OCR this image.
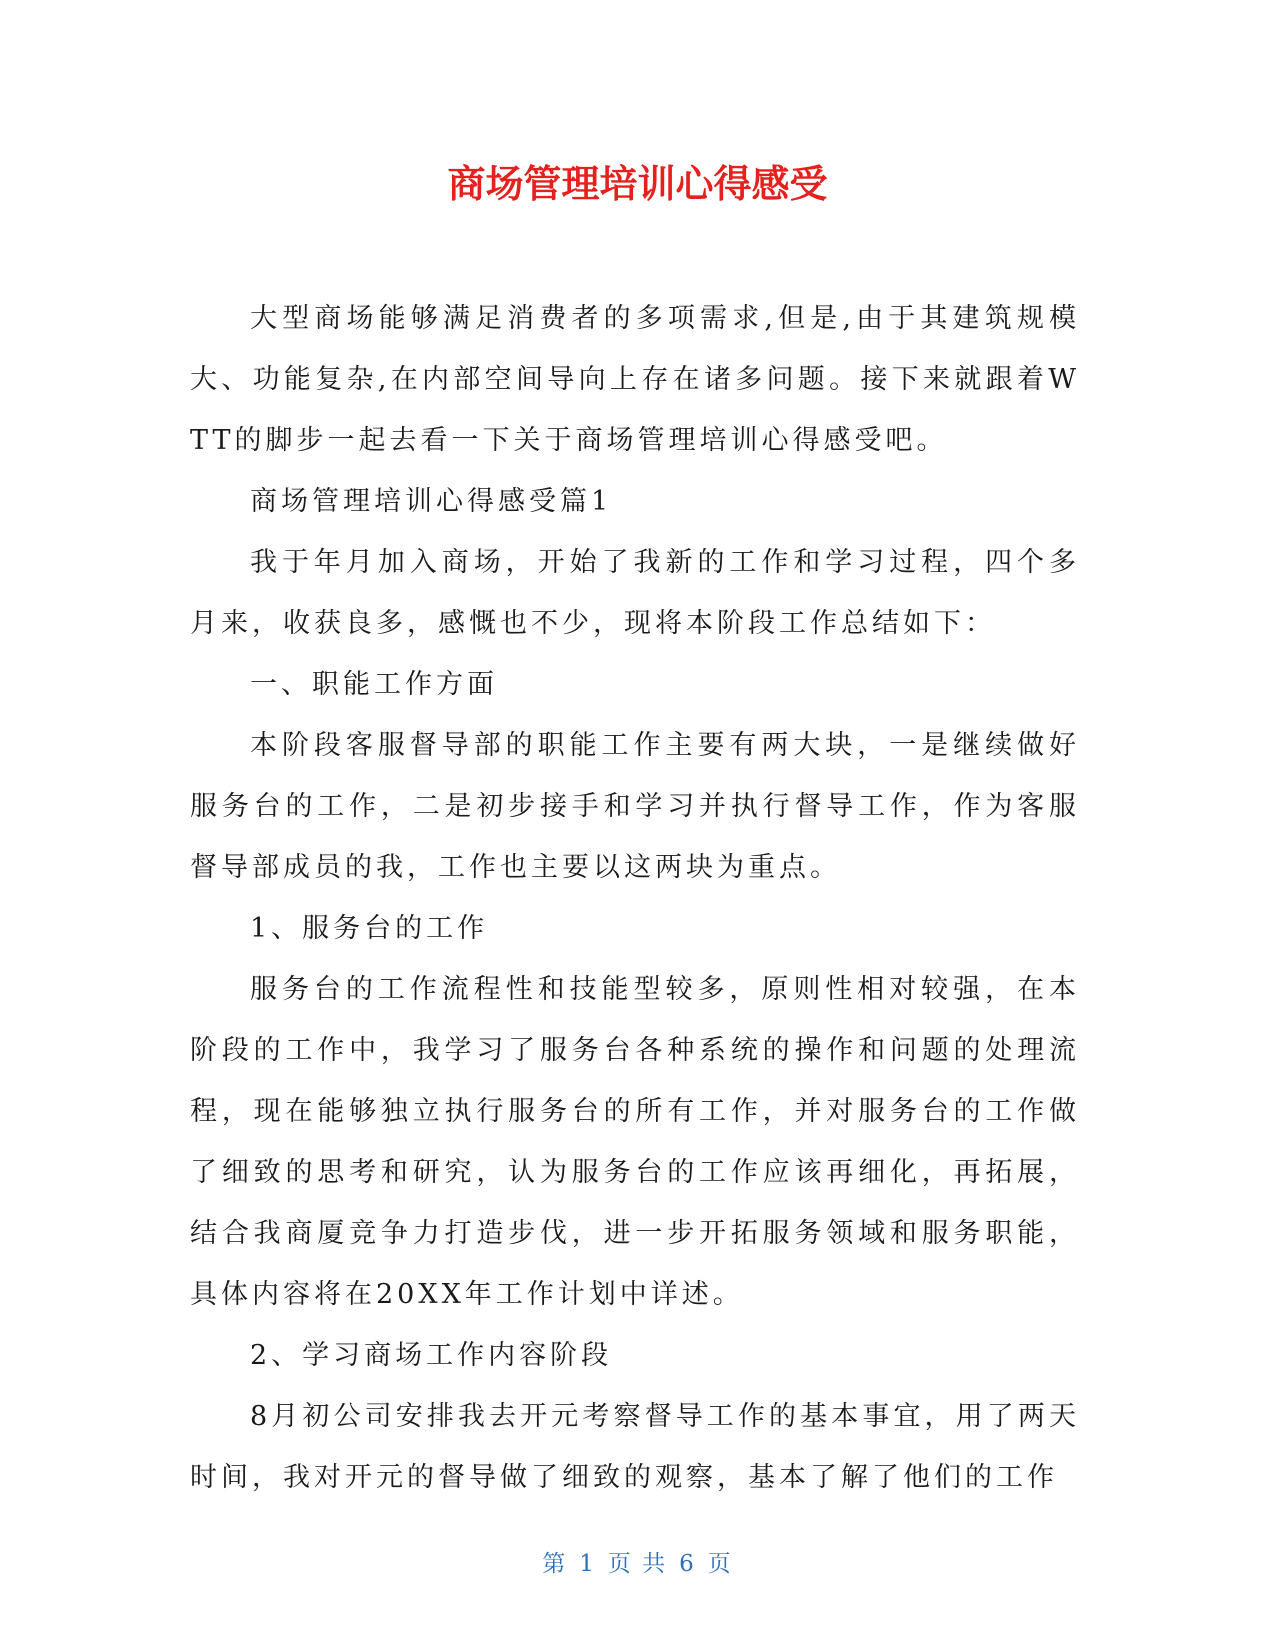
商场管理培训心得感受

大型商场能够满足消费者的多项需求,但是,由于其建筑规模大、功能复杂,在内部空间导向上存在诸多问题。接下来就跟着WTT的脚步一起去看一下关于商场管理培训心得感受吧。

商场管理培训心得感受篇1

我于年月加入商场，开始了我新的工作和学习过程，四个多月来，收获良多，感慨也不少，现将本阶段工作总结如下：

一、职能工作方面

本阶段客服督导部的职能工作主要有两大块，一是继续做好服务台的工作，二是初步接手和学习并执行督导工作，作为客服督导部成员的我，工作也主要以这两块为重点。

1、服务台的工作

服务台的工作流程性和技能型较多，原则性相对较强，在本阶段的工作中，我学习了服务台各种系统的操作和问题的处理流程，现在能够独立执行服务台的所有工作，并对服务台的工作做了细致的思考和研究，认为服务台的工作应该再细化，再拓展，结合我商厦竞争力打造步伐，进一步开拓服务领域和服务职能，具体内容将在20XX年工作计划中详述。

2、学习商场工作内容阶段

8月初公司安排我去开元考察督导工作的基本事宜，用了两天时间，我对开元的督导做了细致的观察，基本了解了他们的工作

第 1 页 共 6 页
